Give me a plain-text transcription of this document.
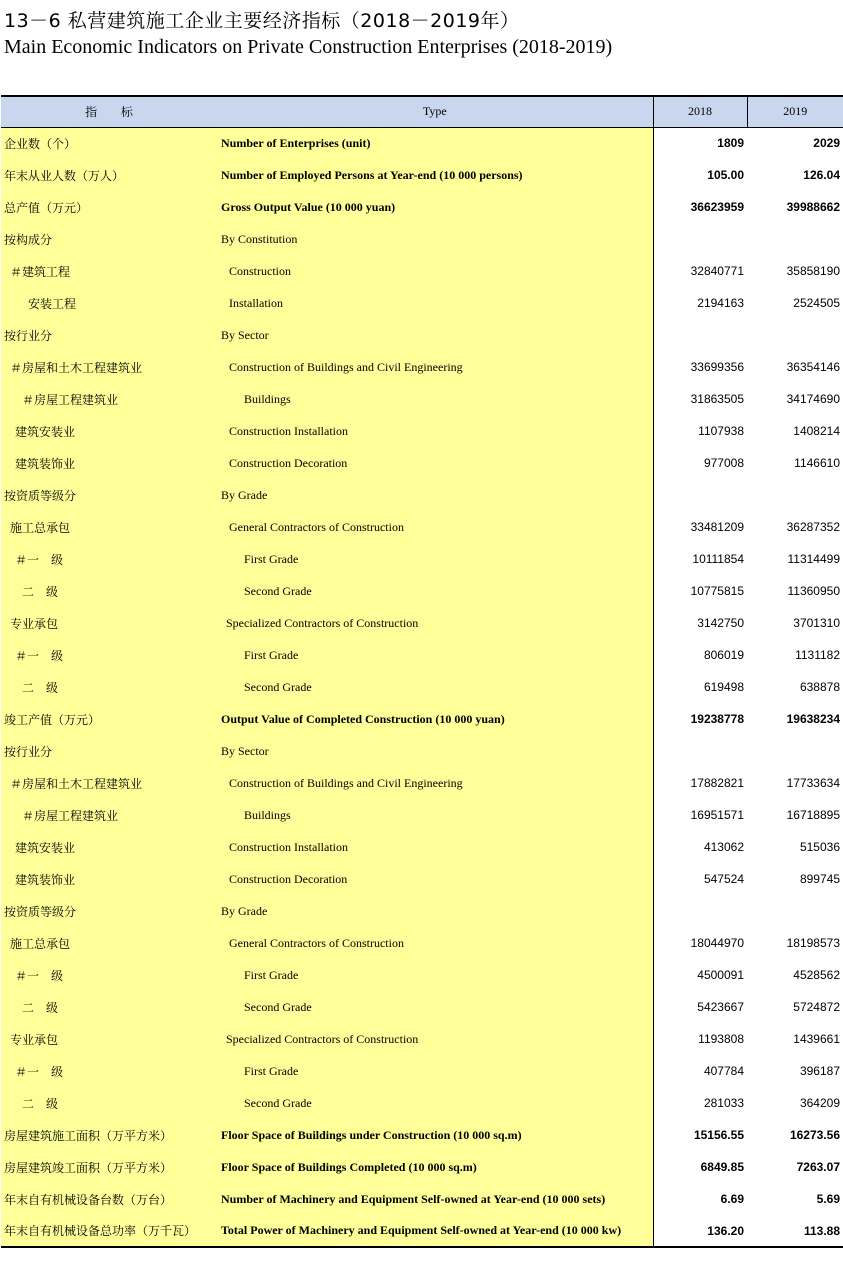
13－6 私营建筑施工企业主要经济指标（2018－2019年）
Main Economic Indicators on Private Construction Enterprises (2018-2019)
指 标	Type	2018	2019
企业数（个）	Number of Enterprises (unit)	1809	2029
年末从业人数（万人）	Number of Employed Persons at Year-end (10 000 persons)	105.00	126.04
总产值（万元）	Gross Output Value (10 000 yuan)	36623959	39988662
按构成分	By Constitution		
＃建筑工程	Construction	32840771	35858190
安装工程	Installation	2194163	2524505
按行业分	By Sector		
＃房屋和土木工程建筑业	Construction of Buildings and Civil Engineering	33699356	36354146
＃房屋工程建筑业	Buildings	31863505	34174690
建筑安装业	Construction Installation	1107938	1408214
建筑装饰业	Construction Decoration	977008	1146610
按资质等级分	By Grade		
施工总承包	General Contractors of Construction	33481209	36287352
＃一　级	First Grade	10111854	11314499
二　级	Second Grade	10775815	11360950
专业承包	Specialized Contractors of Construction	3142750	3701310
＃一　级	First Grade	806019	1131182
二　级	Second Grade	619498	638878
竣工产值（万元）	Output Value of Completed Construction (10 000 yuan)	19238778	19638234
按行业分	By Sector		
＃房屋和土木工程建筑业	Construction of Buildings and Civil Engineering	17882821	17733634
＃房屋工程建筑业	Buildings	16951571	16718895
建筑安装业	Construction Installation	413062	515036
建筑装饰业	Construction Decoration	547524	899745
按资质等级分	By Grade		
施工总承包	General Contractors of Construction	18044970	18198573
＃一　级	First Grade	4500091	4528562
二　级	Second Grade	5423667	5724872
专业承包	Specialized Contractors of Construction	1193808	1439661
＃一　级	First Grade	407784	396187
二　级	Second Grade	281033	364209
房屋建筑施工面积（万平方米）	Floor Space of Buildings under Construction (10 000 sq.m)	15156.55	16273.56
房屋建筑竣工面积（万平方米）	Floor Space of Buildings Completed (10 000 sq.m)	6849.85	7263.07
年末自有机械设备台数（万台）	Number of Machinery and Equipment Self-owned at Year-end (10 000 sets)	6.69	5.69
年末自有机械设备总功率（万千瓦）	Total Power of Machinery and Equipment Self-owned at Year-end (10 000 kw)	136.20	113.88
